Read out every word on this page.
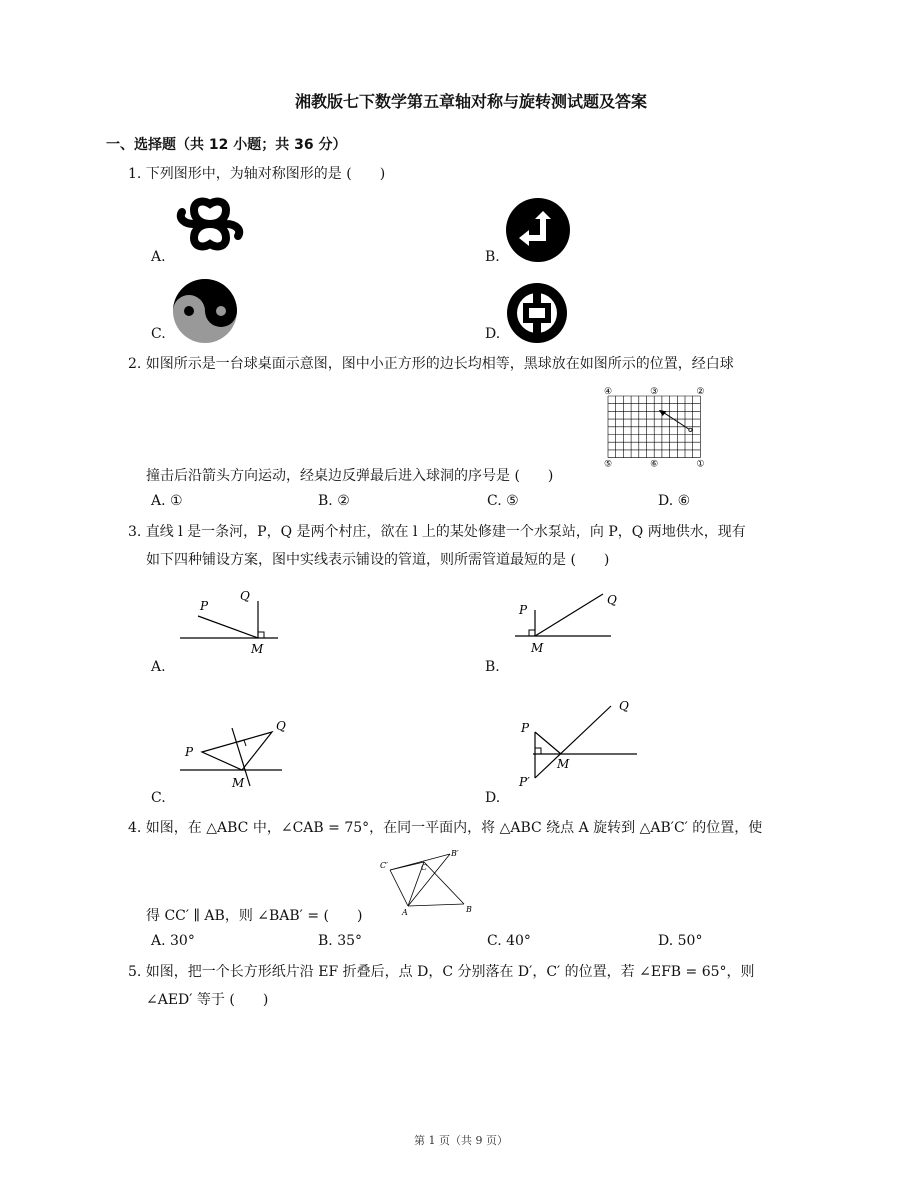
湘教版七下数学第五章轴对称与旋转测试题及答案
一、选择题（共 12 小题；共 36 分）
1. 下列图形中，为轴对称图形的是 (　　)
A.	B.
C.	D.
2. 如图所示是一台球桌面示意图，图中小正方形的边长均相等，黑球放在如图所示的位置，经白球
④	③	②
⑤	⑥	①
撞击后沿箭头方向运动，经桌边反弹最后进入球洞的序号是 (　　)
A. ①	B. ②	C. ⑤	D. ⑥
3. 直线 l 是一条河，P，Q 是两个村庄，欲在 l 上的某处修建一个水泵站，向 P，Q 两地供水，现有
如下四种铺设方案，图中实线表示铺设的管道，则所需管道最短的是 (　　)
P
Q
M
A.
P
Q
M
B.
P
Q
M
C.
P
Q
M
P′
D.
4. 如图，在 △ABC 中，∠CAB = 75°，在同一平面内，将 △ABC 绕点 A 旋转到 △AB′C′ 的位置，使
A	B
C
B′
C′
得 CC′ ∥ AB，则 ∠BAB′ = (　　)
A. 30°	B. 35°	C. 40°	D. 50°
5. 如图，把一个长方形纸片沿 EF 折叠后，点 D，C 分别落在 D′，C′ 的位置，若 ∠EFB = 65°，则
∠AED′ 等于 (　　)
第 1 页（共 9 页）
